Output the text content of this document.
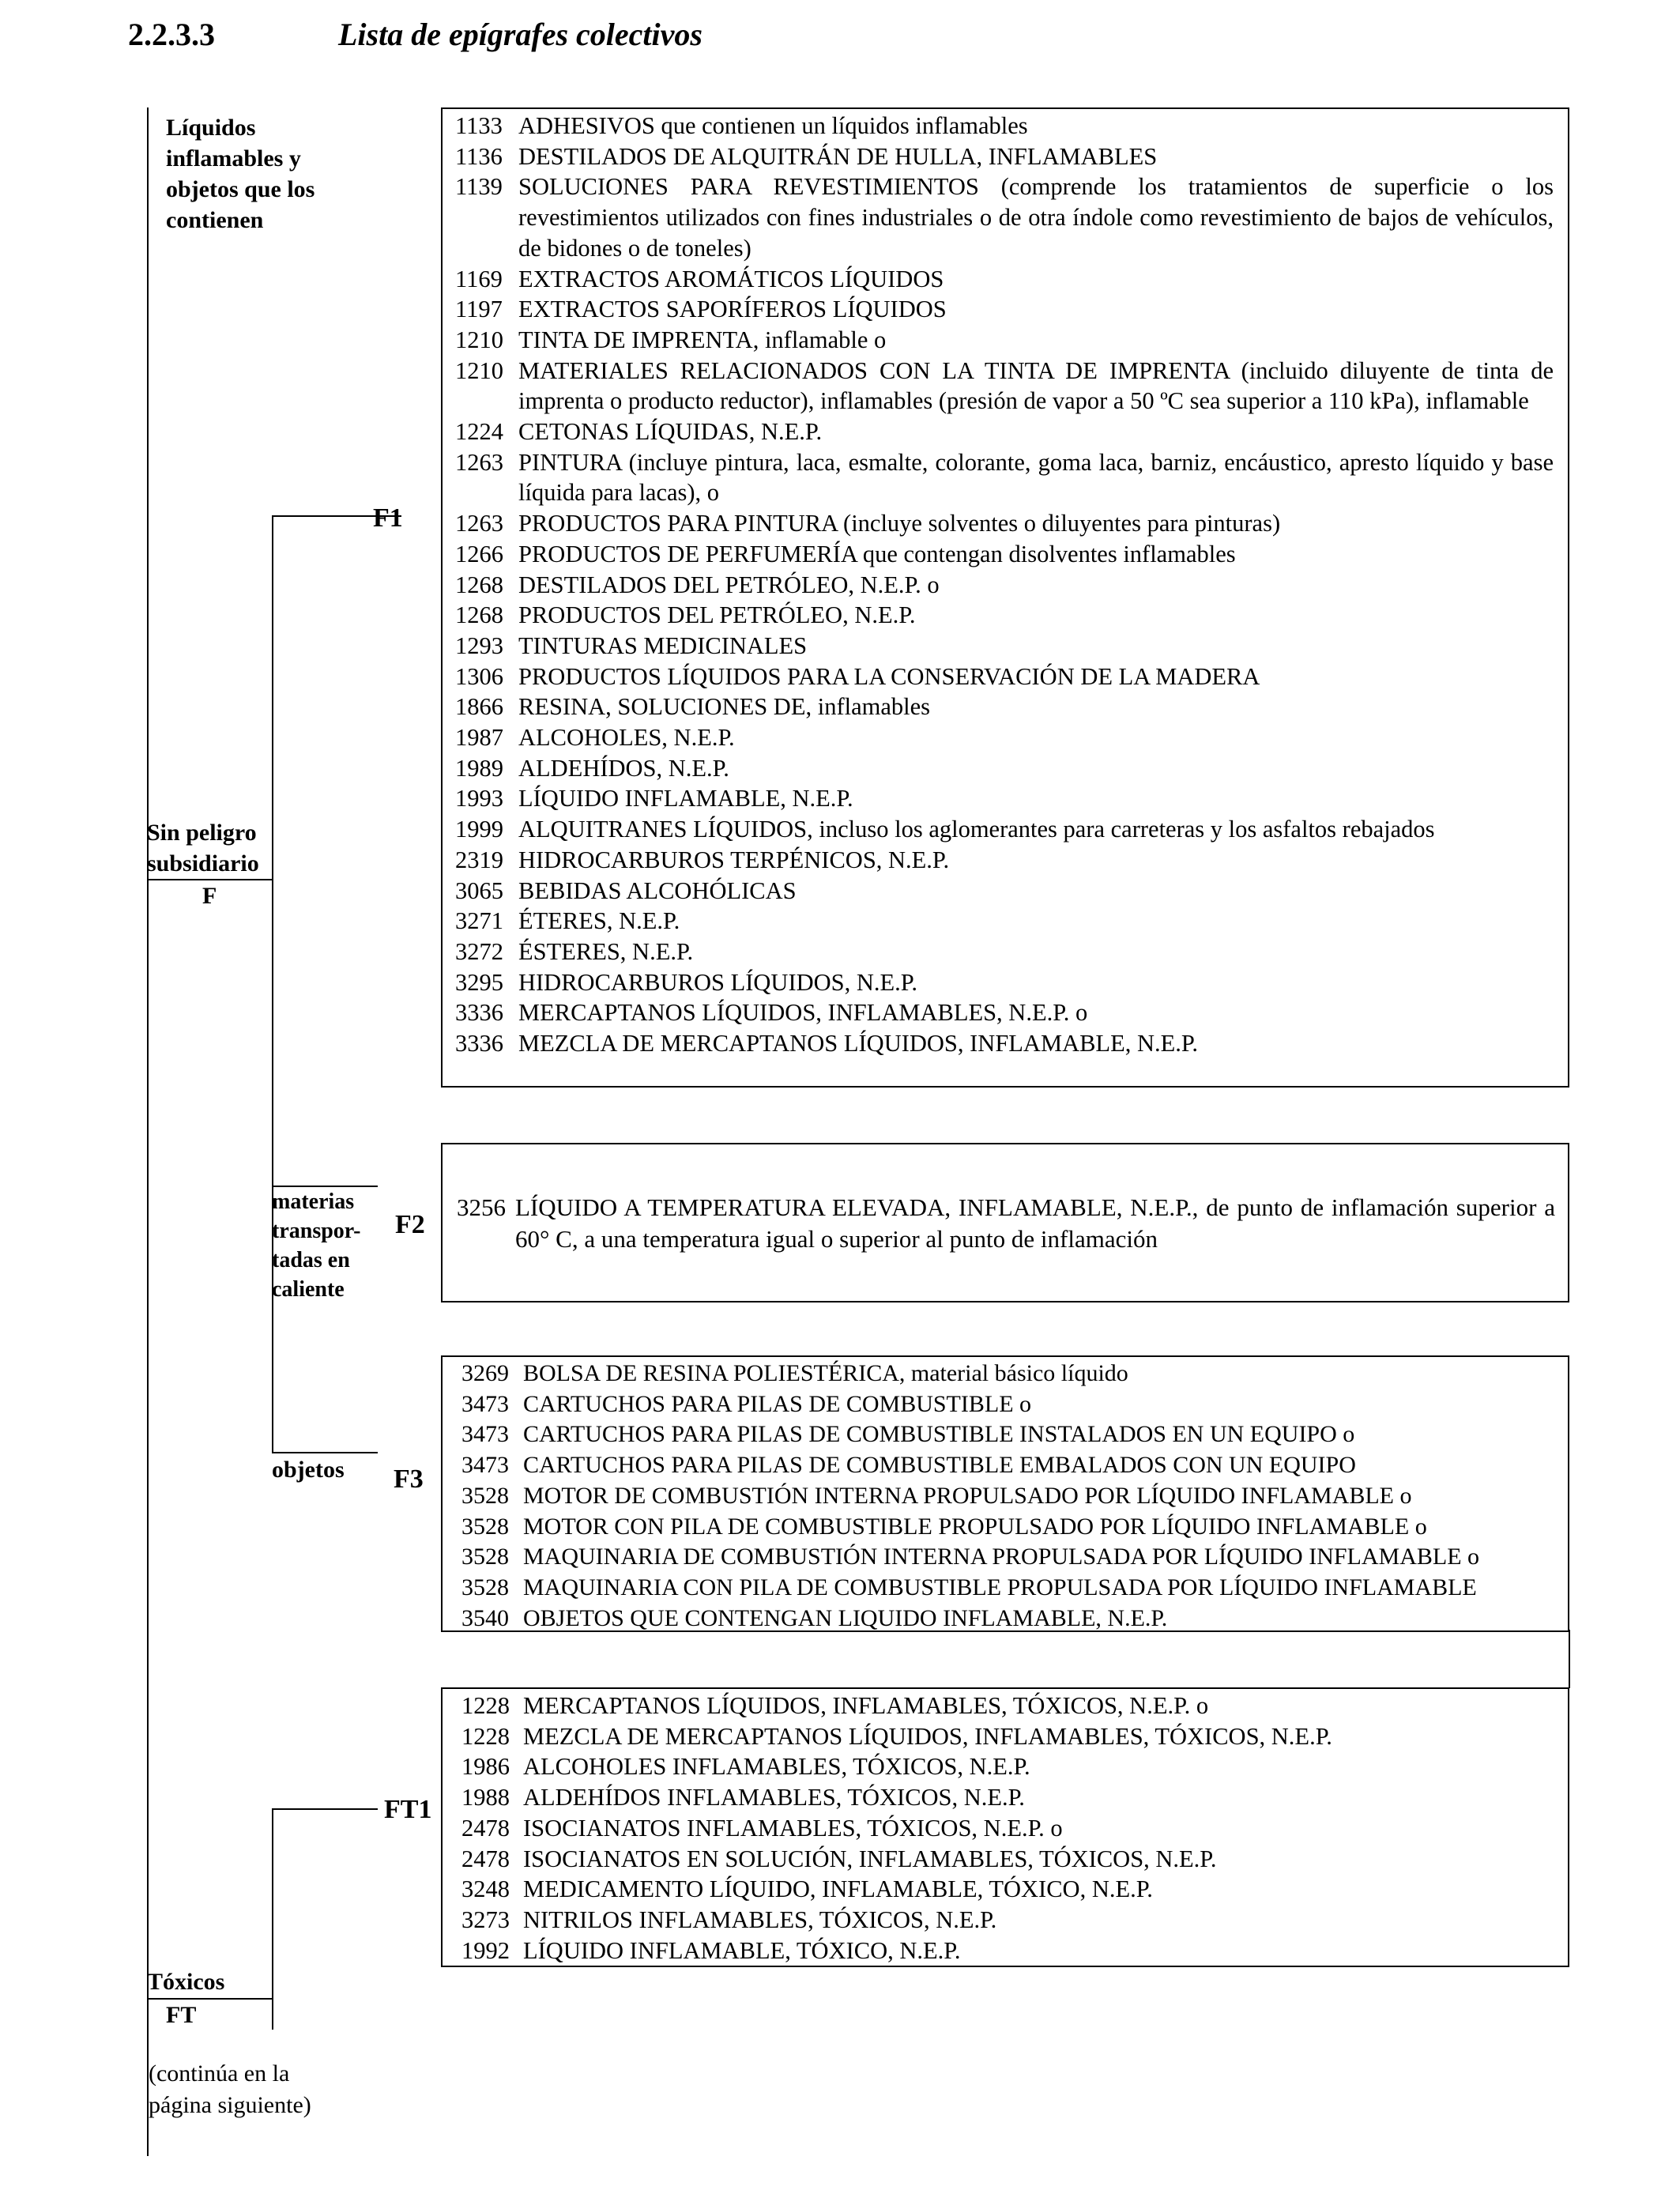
2.2.3.3	Lista de epígrafes colectivos
Líquidos
inflamables y
objetos que los
contienen
Sin peligro
subsidiario
F
materias
transpor-
tadas en
caliente
objetos
Tóxicos
FT
F1
F2
F3
FT1
1133 ADHESIVOS que contienen un líquidos inflamables
1136 DESTILADOS DE ALQUITRÁN DE HULLA, INFLAMABLES
1139 SOLUCIONES PARA REVESTIMIENTOS (comprende los tratamientos de superficie o los revestimientos utilizados con fines industriales o de otra índole como revestimiento de bajos de vehículos, de bidones o de toneles)
1169 EXTRACTOS AROMÁTICOS LÍQUIDOS
1197 EXTRACTOS SAPORÍFEROS LÍQUIDOS
1210 TINTA DE IMPRENTA, inflamable o
1210 MATERIALES RELACIONADOS CON LA TINTA DE IMPRENTA (incluido diluyente de tinta de imprenta o producto reductor), inflamables (presión de vapor a 50 ºC sea superior a 110 kPa), inflamable
1224 CETONAS LÍQUIDAS, N.E.P.
1263 PINTURA (incluye pintura, laca, esmalte, colorante, goma laca, barniz, encáustico, apresto líquido y base líquida para lacas), o
1263 PRODUCTOS PARA PINTURA (incluye solventes o diluyentes para pinturas)
1266 PRODUCTOS DE PERFUMERÍA que contengan disolventes inflamables
1268 DESTILADOS DEL PETRÓLEO, N.E.P. o
1268 PRODUCTOS DEL PETRÓLEO, N.E.P.
1293 TINTURAS MEDICINALES
1306 PRODUCTOS LÍQUIDOS PARA LA CONSERVACIÓN DE LA MADERA
1866 RESINA, SOLUCIONES DE, inflamables
1987 ALCOHOLES, N.E.P.
1989 ALDEHÍDOS, N.E.P.
1993 LÍQUIDO INFLAMABLE, N.E.P.
1999 ALQUITRANES LÍQUIDOS, incluso los aglomerantes para carreteras y los asfaltos rebajados
2319 HIDROCARBUROS TERPÉNICOS, N.E.P.
3065 BEBIDAS ALCOHÓLICAS
3271 ÉTERES, N.E.P.
3272 ÉSTERES, N.E.P.
3295 HIDROCARBUROS LÍQUIDOS, N.E.P.
3336 MERCAPTANOS LÍQUIDOS, INFLAMABLES, N.E.P. o
3336 MEZCLA DE MERCAPTANOS LÍQUIDOS, INFLAMABLE, N.E.P.
3256 LÍQUIDO A TEMPERATURA ELEVADA, INFLAMABLE, N.E.P., de punto de inflamación superior a 60° C, a una temperatura igual o superior al punto de inflamación
3269 BOLSA DE RESINA POLIESTÉRICA, material básico líquido
3473 CARTUCHOS PARA PILAS DE COMBUSTIBLE o
3473 CARTUCHOS PARA PILAS DE COMBUSTIBLE INSTALADOS EN UN EQUIPO o
3473 CARTUCHOS PARA PILAS DE COMBUSTIBLE EMBALADOS CON UN EQUIPO
3528 MOTOR DE COMBUSTIÓN INTERNA PROPULSADO POR LÍQUIDO INFLAMABLE o
3528 MOTOR CON PILA DE COMBUSTIBLE PROPULSADO POR LÍQUIDO INFLAMABLE o
3528 MAQUINARIA DE COMBUSTIÓN INTERNA PROPULSADA POR LÍQUIDO INFLAMABLE o
3528 MAQUINARIA CON PILA DE COMBUSTIBLE PROPULSADA POR LÍQUIDO INFLAMABLE
3540 OBJETOS QUE CONTENGAN LIQUIDO INFLAMABLE, N.E.P.
1228 MERCAPTANOS LÍQUIDOS, INFLAMABLES, TÓXICOS, N.E.P. o
1228 MEZCLA DE MERCAPTANOS LÍQUIDOS, INFLAMABLES, TÓXICOS, N.E.P.
1986 ALCOHOLES INFLAMABLES, TÓXICOS, N.E.P.
1988 ALDEHÍDOS INFLAMABLES, TÓXICOS, N.E.P.
2478 ISOCIANATOS INFLAMABLES, TÓXICOS, N.E.P. o
2478 ISOCIANATOS EN SOLUCIÓN, INFLAMABLES, TÓXICOS, N.E.P.
3248 MEDICAMENTO LÍQUIDO, INFLAMABLE, TÓXICO, N.E.P.
3273 NITRILOS INFLAMABLES, TÓXICOS, N.E.P.
1992 LÍQUIDO INFLAMABLE, TÓXICO, N.E.P.
(continúa en la
página siguiente)
